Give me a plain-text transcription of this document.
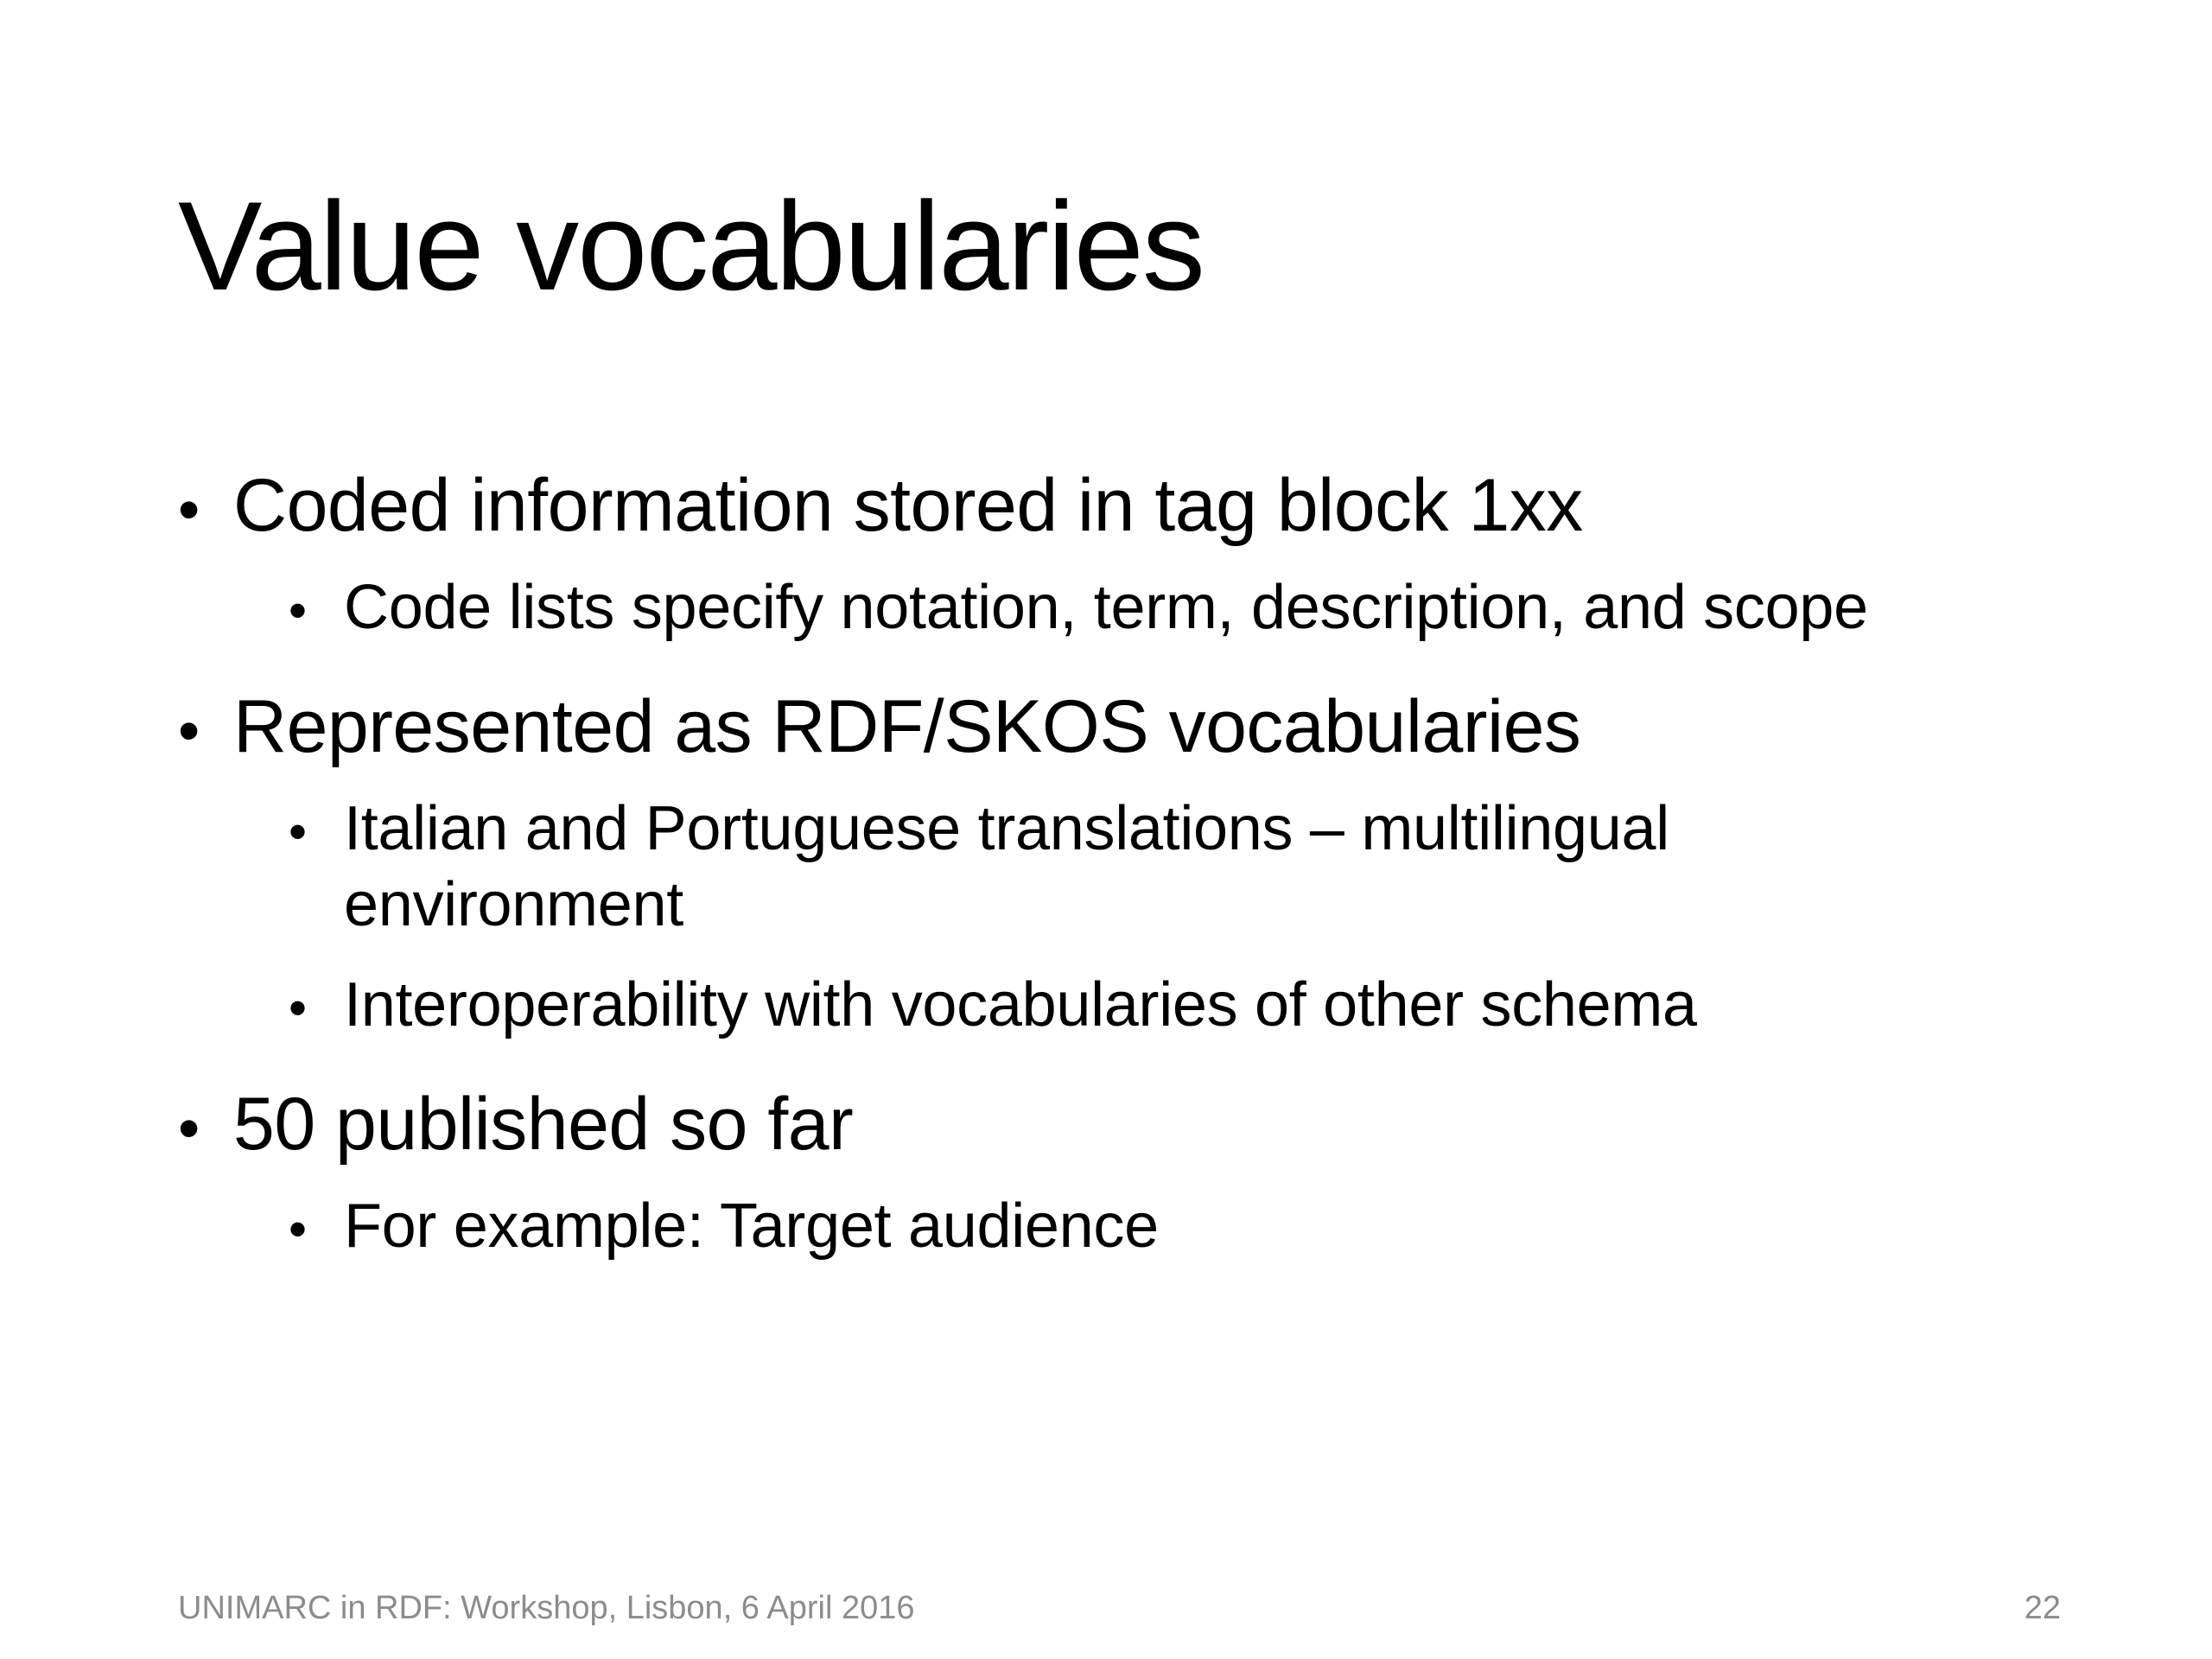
Value vocabularies
• Coded information stored in tag block 1xx
• Code lists specify notation, term, description, and scope
• Represented as RDF/SKOS vocabularies
• Italian and Portuguese translations – multilingual environment
• Interoperability with vocabularies of other schema
• 50 published so far
• For example: Target audience
UNIMARC in RDF: Workshop, Lisbon, 6 April 2016	22
